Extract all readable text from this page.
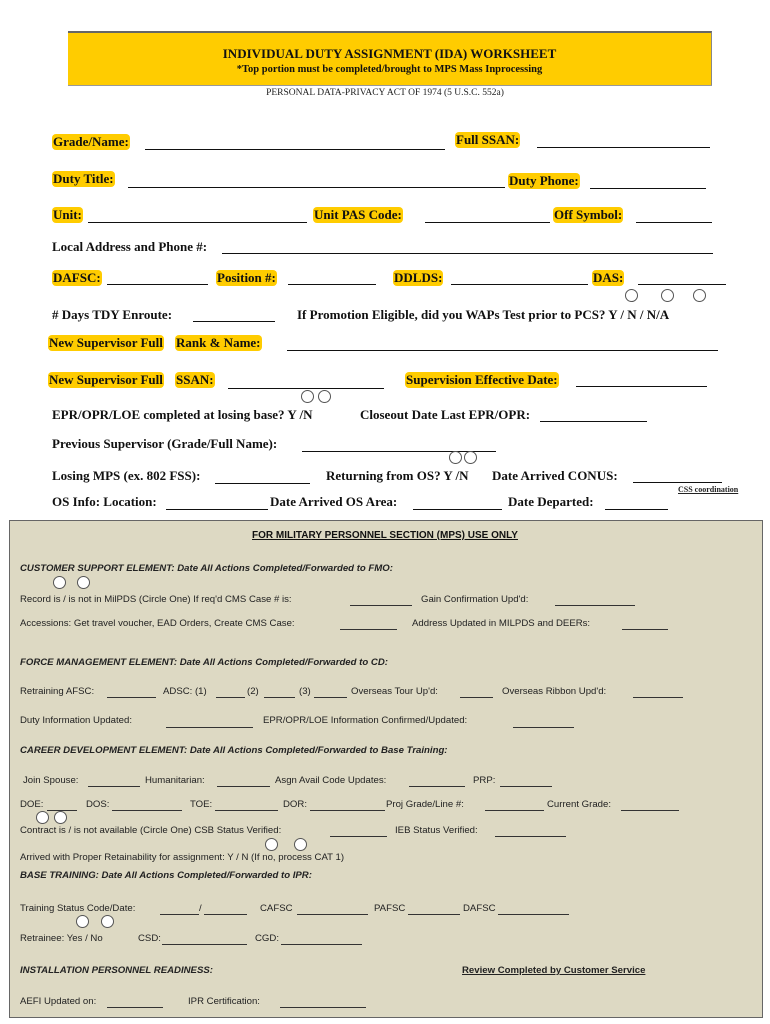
INDIVIDUAL DUTY ASSIGNMENT (IDA) WORKSHEET
*Top portion must be completed/brought to MPS Mass Inprocessing
PERSONAL DATA-PRIVACY ACT OF 1974 (5 U.S.C. 552a)
FOR MILITARY PERSONNEL SECTION (MPS) USE ONLY
Grade/Name:	Full SSAN:
Duty Title:	Duty Phone:
Unit:	Unit PAS Code:	Off Symbol:
Local Address and Phone #:
DAFSC:	Position #:	DDLDS:	DAS:
# Days TDY Enroute:	If Promotion Eligible, did you WAPs Test prior to PCS? Y / N / N/A
New Supervisor Full Rank & Name:
New Supervisor Full SSAN:	Supervision Effective Date:
EPR/OPR/LOE completed at losing base? Y /N	Closeout Date Last EPR/OPR:
Previous Supervisor (Grade/Full Name):
Losing MPS (ex. 802 FSS):	Returning from OS? Y /N Date Arrived CONUS:
CSS coordination
OS Info: Location:	Date Arrived OS Area:	Date Departed:
CUSTOMER SUPPORT ELEMENT: Date All Actions Completed/Forwarded to FMO:
Record is / is not in MilPDS (Circle One) If req'd CMS Case # is:	Gain Confirmation Upd'd:
Accessions: Get travel voucher, EAD Orders, Create CMS Case:	Address Updated in MILPDS and DEERs:
FORCE MANAGEMENT ELEMENT: Date All Actions Completed/Forwarded to CD:
Retraining AFSC:	ADSC: (1)	(2)	(3)	Overseas Tour Up'd:	Overseas Ribbon Upd'd:
Duty Information Updated:	EPR/OPR/LOE Information Confirmed/Updated:
CAREER DEVELOPMENT ELEMENT: Date All Actions Completed/Forwarded to Base Training:
Join Spouse:	Humanitarian:	Asgn Avail Code Updates:	PRP:
DOE:	DOS:	TOE:	DOR:	Proj Grade/Line #:	Current Grade:
Contract is / is not available (Circle One) CSB Status Verified:	IEB Status Verified:
Arrived with Proper Retainability for assignment: Y / N (If no, process CAT 1)
BASE TRAINING: Date All Actions Completed/Forwarded to IPR:
Training Status Code/Date:	/	CAFSC	PAFSC	DAFSC
Retrainee: Yes / No	CSD:	CGD:
INSTALLATION PERSONNEL READINESS:	Review Completed by Customer Service
AEFI Updated on:	IPR Certification:
